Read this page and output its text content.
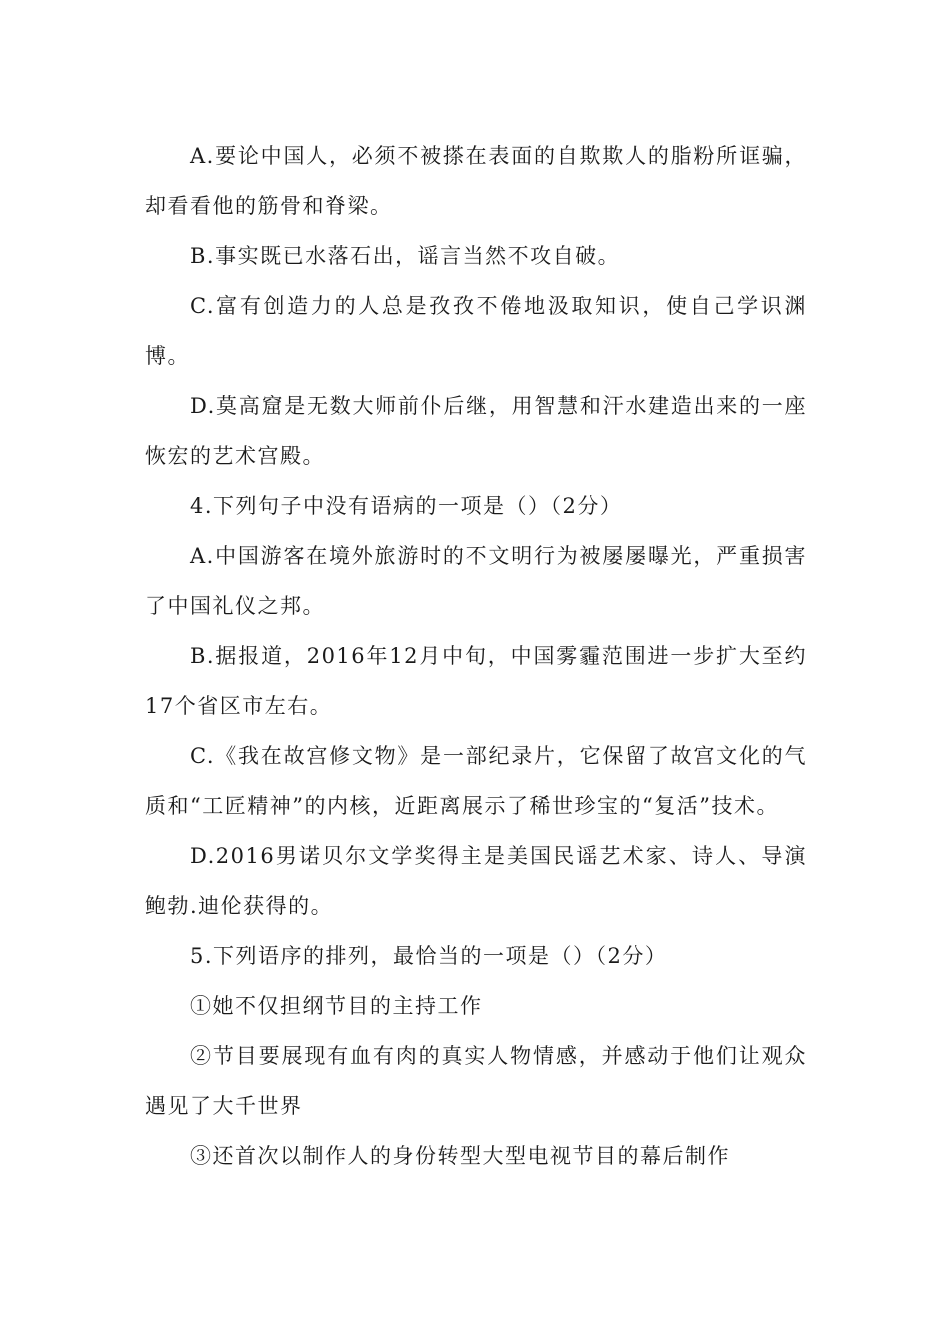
A.要论中国人，必须不被搽在表面的自欺欺人的脂粉所诓骗，却看看他的筋骨和脊梁。

B.事实既已水落石出，谣言当然不攻自破。

C.富有创造力的人总是孜孜不倦地汲取知识，使自己学识渊博。

D.莫高窟是无数大师前仆后继，用智慧和汗水建造出来的一座恢宏的艺术宫殿。

4.下列句子中没有语病的一项是（）（2分）

A.中国游客在境外旅游时的不文明行为被屡屡曝光，严重损害了中国礼仪之邦。

B.据报道，2016年12月中旬，中国雾霾范围进一步扩大至约17个省区市左右。

C.《我在故宫修文物》是一部纪录片，它保留了故宫文化的气质和“工匠精神”的内核，近距离展示了稀世珍宝的“复活”技术。

D.2016男诺贝尔文学奖得主是美国民谣艺术家、诗人、导演鲍勃.迪伦获得的。

5.下列语序的排列，最恰当的一项是（）（2分）

①她不仅担纲节目的主持工作

②节目要展现有血有肉的真实人物情感，并感动于他们让观众遇见了大千世界

③还首次以制作人的身份转型大型电视节目的幕后制作
